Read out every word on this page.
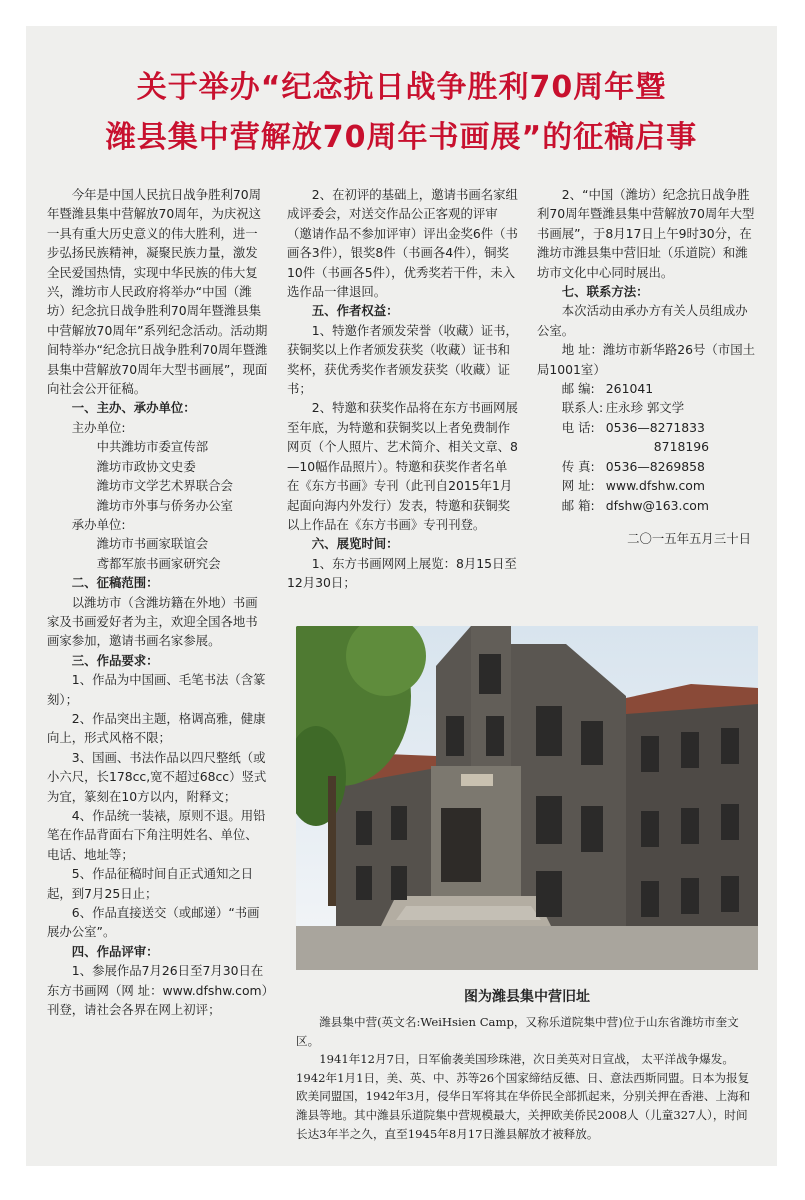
关于举办“纪念抗日战争胜利70周年暨
潍县集中营解放70周年书画展”的征稿启事

今年是中国人民抗日战争胜利70周年暨潍县集中营解放70周年，为庆祝这一具有重大历史意义的伟大胜利，进一步弘扬民族精神，凝聚民族力量，激发全民爱国热情，实现中华民族的伟大复兴，潍坊市人民政府将举办“中国（潍坊）纪念抗日战争胜利70周年暨潍县集中营解放70周年”系列纪念活动。活动期间特举办“纪念抗日战争胜利70周年暨潍县集中营解放70周年大型书画展”，现面向社会公开征稿。

一、主办、承办单位：

主办单位:

中共潍坊市委宣传部

潍坊市政协文史委

潍坊市文学艺术界联合会

潍坊市外事与侨务办公室

承办单位:

潍坊市书画家联谊会

鸢都军旅书画家研究会

二、征稿范围：

以潍坊市（含潍坊籍在外地）书画家及书画爱好者为主，欢迎全国各地书画家参加，邀请书画名家参展。

三、作品要求：

1、作品为中国画、毛笔书法（含篆刻）；

2、作品突出主题，格调高雅，健康向上，形式风格不限；

3、国画、书法作品以四尺整纸（或小六尺，长178cc,宽不超过68cc）竖式为宜，篆刻在10方以内，附释文；

4、作品统一装裱，原则不退。用铅笔在作品背面右下角注明姓名、单位、电话、地址等；

5、作品征稿时间自正式通知之日起，到7月25日止；

6、作品直接送交（或邮递）“书画展办公室”。

四、作品评审：

1、参展作品7月26日至7月30日在东方书画网（网 址：www.dfshw.com）刊登，请社会各界在网上初评；

2、在初评的基础上，邀请书画名家组成评委会，对送交作品公正客观的评审（邀请作品不参加评审）评出金奖6件（书画各3件），银奖8件（书画各4件），铜奖10件（书画各5件），优秀奖若干件，未入选作品一律退回。

五、作者权益：

1、特邀作者颁发荣誉（收藏）证书，获铜奖以上作者颁发获奖（收藏）证书和奖杯，获优秀奖作者颁发获奖（收藏）证书；

2、特邀和获奖作品将在东方书画网展至年底，为特邀和获铜奖以上者免费制作网页（个人照片、艺术简介、相关文章、8—10幅作品照片）。特邀和获奖作者名单在《东方书画》专刊（此刊自2015年1月起面向海内外发行）发表，特邀和获铜奖以上作品在《东方书画》专刊刊登。

六、展览时间：

1、东方书画网网上展览：8月15日至12月30日；

2、“中国（潍坊）纪念抗日战争胜利70周年暨潍县集中营解放70周年大型书画展”，于8月17日上午9时30分，在潍坊市潍县集中营旧址（乐道院）和潍坊市文化中心同时展出。

七、联系方法：

本次活动由承办方有关人员组成办公室。

地 址：潍坊市新华路26号（市国土局1001室）

邮 编: 261041
联系人: 庄永珍 郭文学
电 话: 0536—8271833
8718196
传 真: 0536—8269858
网 址: www.dfshw.com
邮 箱: dfshw@163.com

二〇一五年五月三十日

图为潍县集中营旧址

潍县集中营(英文名:WeiHsien Camp，又称乐道院集中营)位于山东省潍坊市奎文区。

1941年12月7日，日军偷袭美国珍珠港，次日美英对日宣战， 太平洋战争爆发。1942年1月1日，美、英、中、苏等26个国家缔结反德、日、意法西斯同盟。日本为报复欧美同盟国，1942年3月，侵华日军将其在华侨民全部抓起来，分别关押在香港、上海和潍县等地。其中潍县乐道院集中营规模最大，关押欧美侨民2008人（儿童327人），时间长达3年半之久，直至1945年8月17日潍县解放才被释放。
